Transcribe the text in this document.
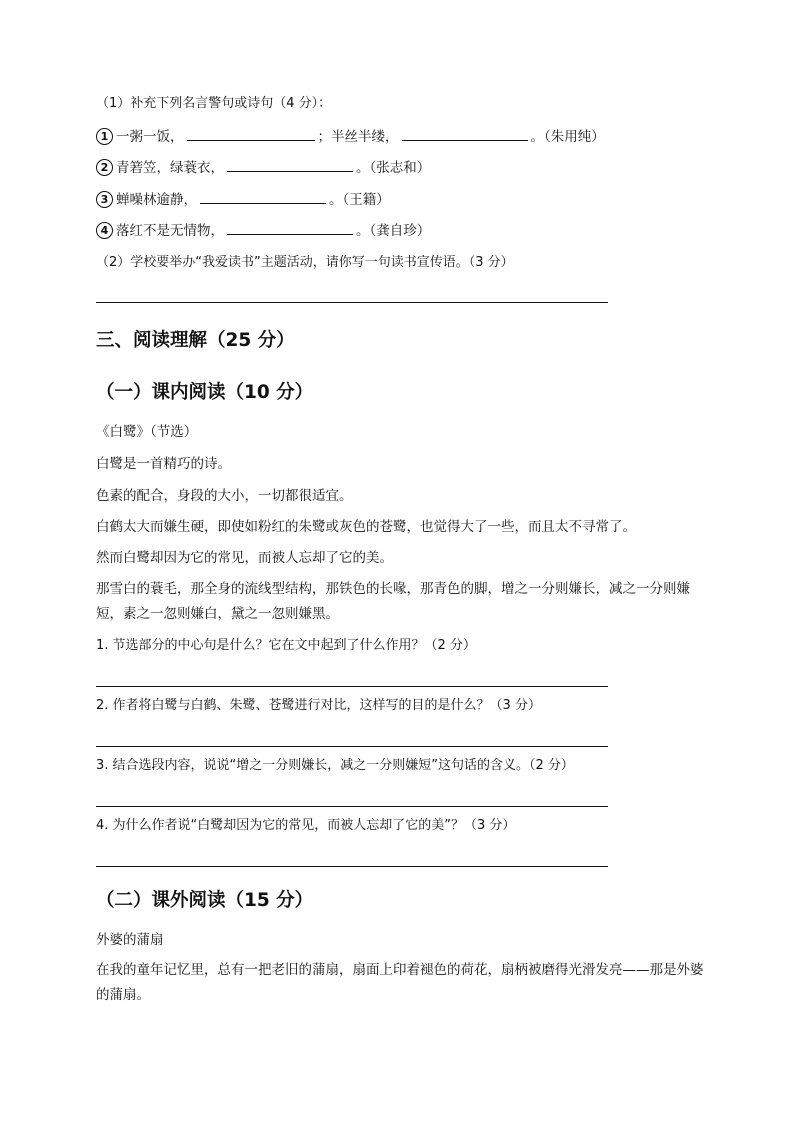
（1）补充下列名言警句或诗句（4 分）：
1 一粥一饭，	；半丝半缕，	。（朱用纯）
2 青箬笠，绿蓑衣，	。（张志和）
3 蝉噪林逾静，	。（王籍）
4 落红不是无情物，	。（龚自珍）
（2）学校要举办“我爱读书”主题活动，请你写一句读书宣传语。（3 分）
三、阅读理解（25 分）
（一）课内阅读（10 分）
《白鹭》（节选）
白鹭是一首精巧的诗。
色素的配合，身段的大小，一切都很适宜。
白鹤太大而嫌生硬，即使如粉红的朱鹭或灰色的苍鹭，也觉得大了一些，而且太不寻常了。
然而白鹭却因为它的常见，而被人忘却了它的美。
那雪白的蓑毛，那全身的流线型结构，那铁色的长喙，那青色的脚，增之一分则嫌长，减之一分则嫌短，素之一忽则嫌白，黛之一忽则嫌黑。
1. 节选部分的中心句是什么？它在文中起到了什么作用？（2 分）
2. 作者将白鹭与白鹤、朱鹭、苍鹭进行对比，这样写的目的是什么？（3 分）
3. 结合选段内容，说说“增之一分则嫌长，减之一分则嫌短”这句话的含义。（2 分）
4. 为什么作者说“白鹭却因为它的常见，而被人忘却了它的美”？（3 分）
（二）课外阅读（15 分）
外婆的蒲扇
在我的童年记忆里，总有一把老旧的蒲扇，扇面上印着褪色的荷花，扇柄被磨得光滑发亮——那是外婆的蒲扇。
